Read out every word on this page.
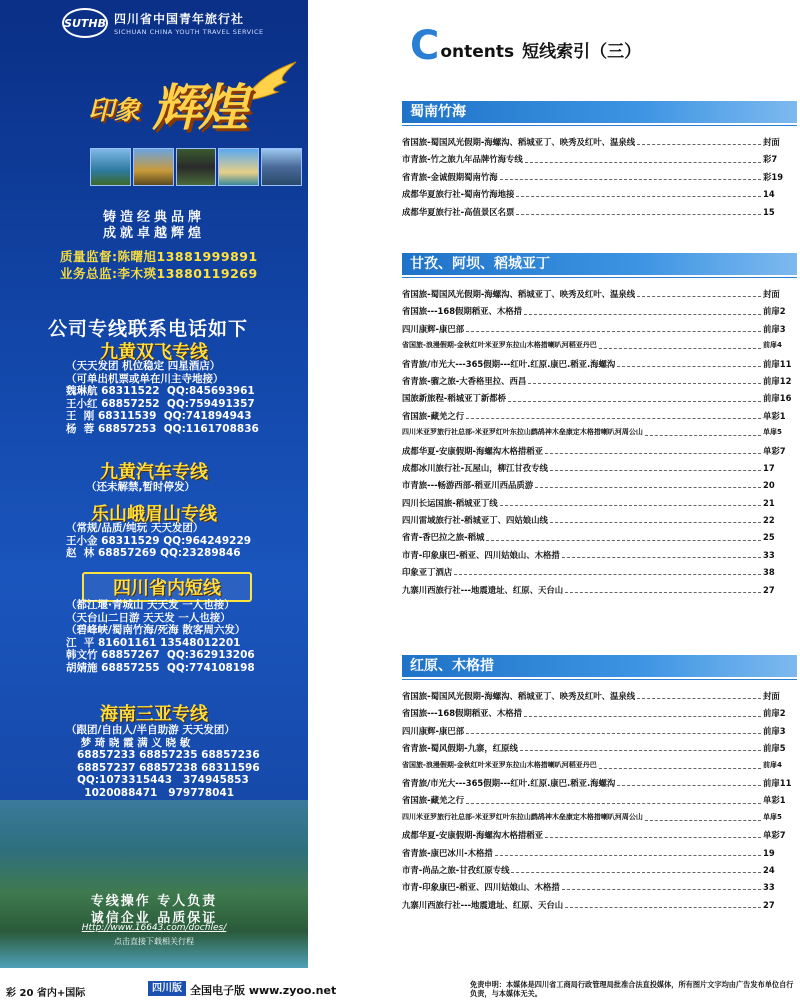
SUTHB 四川省中国青年旅行社
SICHUAN CHINA YOUTH TRAVEL SERVICE
印象 辉煌
铸造经典品牌
成就卓越辉煌
质量监督:陈曙旭13881999891
业务总监:李木瑛13880119269
公司专线联系电话如下
九黄双飞专线
（天天发团 机位稳定 四星酒店）
（可单出机票或单在川主寺地接）
魏琳航 68311522  QQ:845693961
王小红 68857252  QQ:759491357
王  刚 68311539  QQ:741894943
杨  蓉 68857253  QQ:1161708836
九黄汽车专线
（还未解禁,暂时停发）
乐山峨眉山专线
（常规/品质/纯玩 天天发团）
王小金 68311529 QQ:964249229
赵  林 68857269 QQ:23289846
四川省内短线
（都江堰·青城山 天天发 一人也接）
（天台山二日游 天天发 一人也接）
（碧峰峡/蜀南竹海/死海 散客周六发）
江  平 81601161 13548012201
韩文竹 68857267  QQ:362913206
胡婧施 68857255  QQ:774108198
海南三亚专线
（跟团/自由人/半自助游 天天发团）
梦 琦 晓 霞 满 义 晓 敏
68857233 68857235 68857236
68857237 68857238 68311596
QQ:1073315443   374945853
1020088471   979778041
专线操作 专人负责
诚信企业 品质保证
Http://www.16643.com/docfiles/
点击直接下载相关行程
C ontents 短线索引（三）
蜀南竹海
省国旅-蜀国风光假期-海螺沟、稻城亚丁、映秀及红叶、温泉线	封面
市青旅-竹之旅九年品牌竹海专线	彩7
省青旅-金诚假期蜀南竹海	彩19
成都华夏旅行社-蜀南竹海地接	14
成都华夏旅行社-高值景区名票	15
甘孜、阿坝、稻城亚丁
省国旅-蜀国风光假期-海螺沟、稻城亚丁、映秀及红叶、温泉线	封面
省国旅---168假期稻亚、木格措	前扉2
四川康辉-康巴部	前扉3
省国旅-浪漫假期-金秋红叶米亚罗东拉山木格措喇叭河稻亚丹巴	前扉4
省青旅/市光大---365假期---红叶.红原.康巴.稻亚.海螺沟	前扉11
省青旅-骝之旅-大香格里拉、西昌	前扉12
国旅新旅程-稻城亚丁新都桥	前扉16
省国旅-藏羌之行	单彩1
四川米亚罗旅行社总部-米亚罗红叶东拉山鹧鸪神木垒康定木格措喇叭河周公山	单扉5
成都华夏-安康假期-海螺沟木格措稻亚	单彩7
成都冰川旅行社-瓦屋山，柳江甘孜专线	17
市青旅---畅游西部-稻亚川西品质游	20
四川长运国旅-稻城亚丁线	21
四川雷域旅行社-稻城亚丁、四姑娘山线	22
省青-香巴拉之旅-稻城	25
市青-印象康巴-稻亚、四川姑娘山、木格措	33
印象亚丁酒店	38
九寨川西旅行社---地震遗址、红原、天台山	27
红原、木格措
省国旅-蜀国风光假期-海螺沟、稻城亚丁、映秀及红叶、温泉线	封面
省国旅---168假期稻亚、木格措	前扉2
四川康辉-康巴部	前扉3
省青旅-蜀风假期-九寨，红原线	前扉5
省国旅-浪漫假期-金秋红叶米亚罗东拉山木格措喇叭河稻亚丹巴	前扉4
省青旅/市光大---365假期---红叶.红原.康巴.稻亚.海螺沟	前扉11
省国旅-藏羌之行	单彩1
四川米亚罗旅行社总部-米亚罗红叶东拉山鹧鸪神木垒康定木格措喇叭河周公山	单扉5
成都华夏-安康假期-海螺沟木格措稻亚	单彩7
省青旅-康巴冰川-木格措	19
市青-尚品之旅-甘孜红原专线	24
市青-印象康巴-稻亚、四川姑娘山、木格措	33
九寨川西旅行社---地震遗址、红原、天台山	27
彩 20 省内+国际	四川版 全国电子版 www.zyoo.net	免责申明：本媒体是四川省工商局行政管理局批准合法直投媒体，所有图片文字均由广告发布单位自行负责，与本媒体无关。
